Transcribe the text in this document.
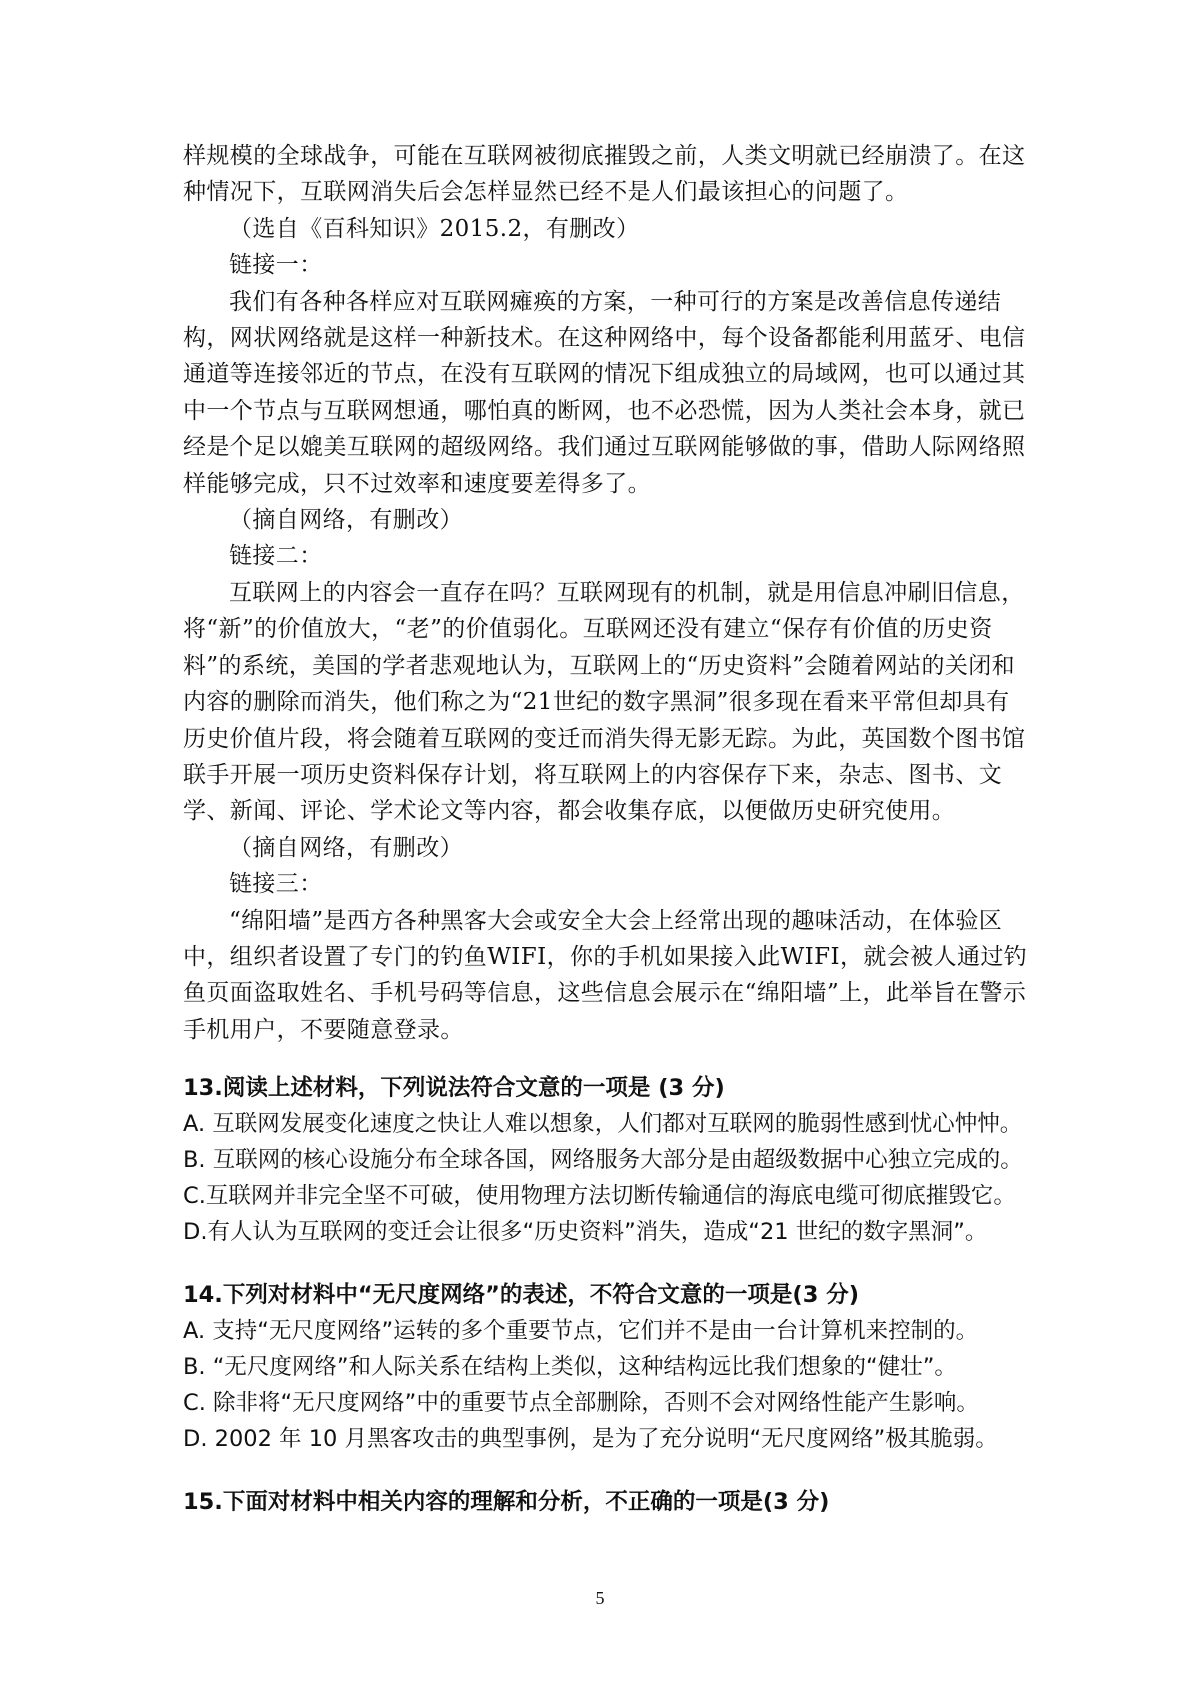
样规模的全球战争，可能在互联网被彻底摧毁之前，人类文明就已经崩溃了。在这种情况下，互联网消失后会怎样显然已经不是人们最该担心的问题了。

（选自《百科知识》2015.2，有删改）

链接一：

我们有各种各样应对互联网瘫痪的方案，一种可行的方案是改善信息传递结构，网状网络就是这样一种新技术。在这种网络中，每个设备都能利用蓝牙、电信通道等连接邻近的节点，在没有互联网的情况下组成独立的局域网，也可以通过其中一个节点与互联网想通，哪怕真的断网，也不必恐慌，因为人类社会本身，就已经是个足以媲美互联网的超级网络。我们通过互联网能够做的事，借助人际网络照样能够完成，只不过效率和速度要差得多了。

（摘自网络，有删改）

链接二：

互联网上的内容会一直存在吗？互联网现有的机制，就是用信息冲刷旧信息，将“新”的价值放大，“老”的价值弱化。互联网还没有建立“保存有价值的历史资料”的系统，美国的学者悲观地认为，互联网上的“历史资料”会随着网站的关闭和内容的删除而消失，他们称之为“21世纪的数字黑洞”很多现在看来平常但却具有历史价值片段，将会随着互联网的变迁而消失得无影无踪。为此，英国数个图书馆联手开展一项历史资料保存计划，将互联网上的内容保存下来，杂志、图书、文学、新闻、评论、学术论文等内容，都会收集存底，以便做历史研究使用。

（摘自网络，有删改）

链接三：

“绵阳墙”是西方各种黑客大会或安全大会上经常出现的趣味活动，在体验区中，组织者设置了专门的钓鱼WIFI，你的手机如果接入此WIFI，就会被人通过钓鱼页面盗取姓名、手机号码等信息，这些信息会展示在“绵阳墙”上，此举旨在警示手机用户，不要随意登录。

13.阅读上述材料，下列说法符合文意的一项是 (3 分)

A. 互联网发展变化速度之快让人难以想象，人们都对互联网的脆弱性感到忧心忡忡。

B. 互联网的核心设施分布全球各国，网络服务大部分是由超级数据中心独立完成的。

C.互联网并非完全坚不可破，使用物理方法切断传输通信的海底电缆可彻底摧毁它。

D.有人认为互联网的变迁会让很多“历史资料”消失，造成“21 世纪的数字黑洞”。

14.下列对材料中“无尺度网络”的表述，不符合文意的一项是(3 分)

A. 支持“无尺度网络”运转的多个重要节点，它们并不是由一台计算机来控制的。

B. “无尺度网络”和人际关系在结构上类似，这种结构远比我们想象的“健壮”。

C. 除非将“无尺度网络”中的重要节点全部删除，否则不会对网络性能产生影响。

D. 2002 年 10 月黑客攻击的典型事例，是为了充分说明“无尺度网络”极其脆弱。

15.下面对材料中相关内容的理解和分析，不正确的一项是(3 分)

5
